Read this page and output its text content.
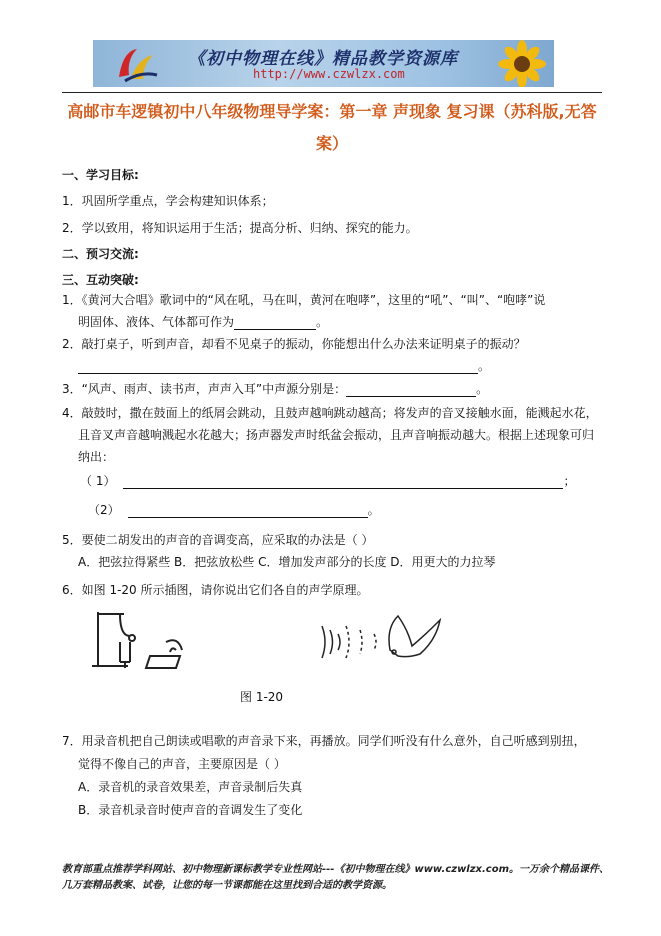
《初中物理在线》精品教学资源库
http://www.czwlzx.com
高邮市车逻镇初中八年级物理导学案：第一章 声现象 复习课（苏科版,无答
案）
一、学习目标:
1．巩固所学重点，学会构建知识体系；
2．学以致用，将知识运用于生活；提高分析、归纳、探究的能力。
二、预习交流:
三、互动突破:
1．《黄河大合唱》歌词中的“风在吼，马在叫，黄河在咆哮”，这里的“吼”、“叫”、“咆哮”说
明固体、液体、气体都可作为	。
2．敲打桌子，听到声音，却看不见桌子的振动，你能想出什么办法来证明桌子的振动？
。
3．“风声、雨声、读书声，声声入耳”中声源分别是：	。
4．敲鼓时，撒在鼓面上的纸屑会跳动，且鼓声越响跳动越高；将发声的音叉接触水面，能溅起水花，
且音叉声音越响溅起水花越大；扬声器发声时纸盆会振动，且声音响振动越大。根据上述现象可归
纳出：
（ 1）	；
（2）	。
5．要使二胡发出的声音的音调变高，应采取的办法是（ ）
A．把弦拉得紧些 B．把弦放松些 C．增加发声部分的长度 D．用更大的力拉琴
6．如图 1-20 所示插图，请你说出它们各自的声学原理。
图 1-20
7．用录音机把自己朗读或唱歌的声音录下来，再播放。同学们听没有什么意外，自己听感到别扭，
觉得不像自己的声音，主要原因是（ ）
A．录音机的录音效果差，声音录制后失真
B．录音机录音时使声音的音调发生了变化
教育部重点推荐学科网站、初中物理新课标教学专业性网站---《初中物理在线》www.czwlzx.com。一万余个精品课件、
几万套精品教案、试卷，让您的每一节课都能在这里找到合适的教学资源。
